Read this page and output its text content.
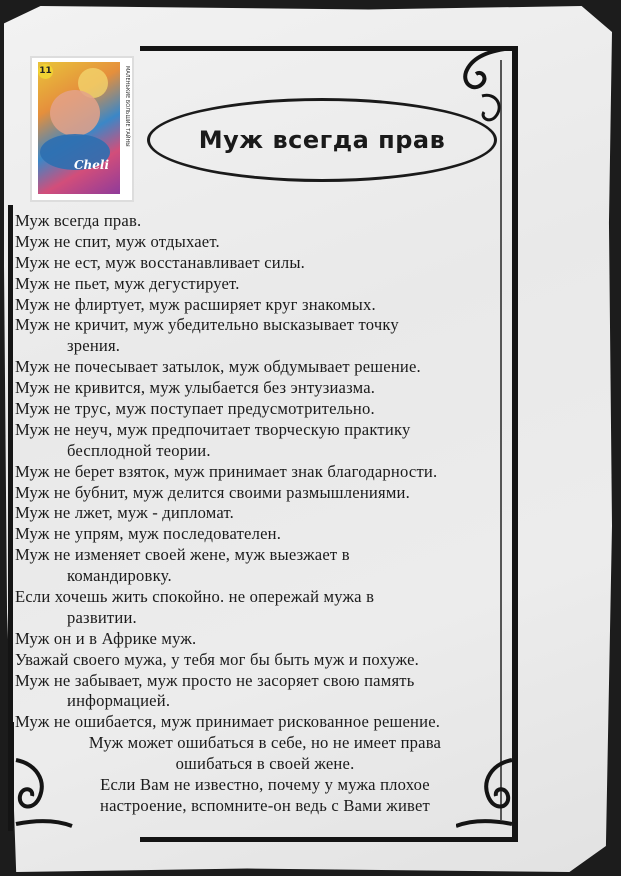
11
Cheli
МАЛЕНЬКИЕ БОЛЬШИЕ ТАЙНЫ	Муж всегда прав
Муж всегда прав.
Муж не спит, муж отдыхает.
Муж не ест, муж восстанавливает силы.
Муж не пьет, муж дегустирует.
Муж не флиртует, муж расширяет круг знакомых.
Муж не кричит, муж убедительно высказывает точку
зрения.
Муж не почесывает затылок, муж обдумывает решение.
Муж не кривится, муж улыбается без энтузиазма.
Муж не трус, муж поступает предусмотрительно.
Муж не неуч, муж предпочитает творческую практику
бесплодной теории.
Муж не берет взяток, муж принимает знак благодарности.
Муж не бубнит, муж делится своими размышлениями.
Муж не лжет, муж - дипломат.
Муж не упрям, муж последователен.
Муж не изменяет своей жене, муж выезжает в
командировку.
Если хочешь жить спокойно. не опережай мужа в
развитии.
Муж он и в Африке муж.
Уважай своего мужа, у тебя мог бы быть муж и похуже.
Муж не забывает, муж просто не засоряет свою память
информацией.
Муж не ошибается, муж принимает рискованное решение.
Муж может ошибаться в себе, но не имеет права
ошибаться в своей жене.
Если Вам не известно, почему у мужа плохое
настроение, вспомните-он ведь с Вами живет
